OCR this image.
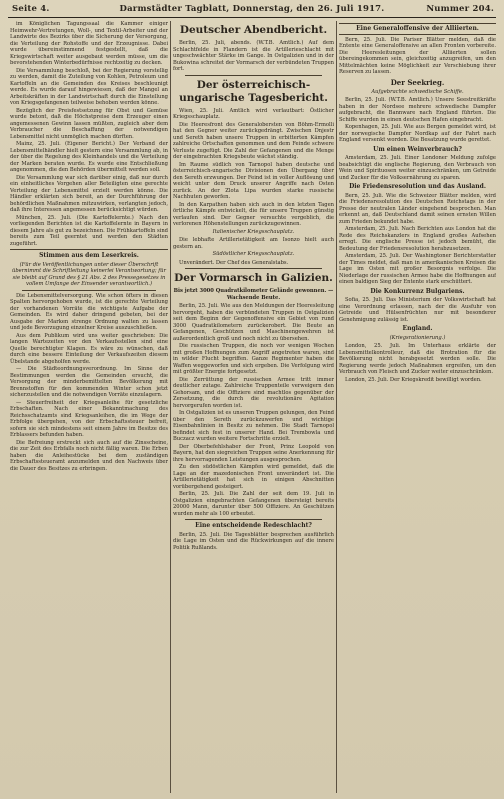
Seite 4.	Darmstädter Tagblatt, Donnerstag, den 26. Juli 1917.	Nummer 204.

im Königlichen Tagungssaal die Kammer einiger Heimwehr-Vertretungen, Woll-, und Textil-Arbeiter und der Landwirte des Bezirks über die Sicherung der Versorgung, die Verteilung der Rohstoffe und der Erzeugnisse. Dabei wurde übereinstimmend festgestellt, daß die Kriegswirtschaft weiter ausgebaut werden müsse, um die bevorstehenden Winterbedürfnisse rechtzeitig zu decken.

Die Versammlung beschloß, bei der Regierung vorstellig zu werden, damit die Zuteilung von Kohlen, Petroleum und Kartoffeln an die Gemeinden des Kreises beschleunigt werde. Es wurde darauf hingewiesen, daß der Mangel an Arbeitskräften in der Landwirtschaft durch die Einstellung von Kriegsgefangenen teilweise behoben werden könne.

Bezüglich der Preisfestsetzung für Obst und Gemüse wurde betont, daß die Höchstpreise dem Erzeuger einen angemessenen Gewinn lassen müßten, zugleich aber dem Verbraucher die Beschaffung der notwendigen Lebensmittel nicht unmöglich machen dürften.

Mainz, 25. Juli. (Eigener Bericht.) Der Verband der Lebensmittelhändler hielt gestern eine Versammlung ab, in der über die Regelung des Kleinhandels und die Verteilung der Marken beraten wurde. Es wurde eine Entschließung angenommen, die den Behörden übermittelt werden soll.

Die Versammlung war sich darüber einig, daß nur durch ein einheitliches Vorgehen aller Beteiligten eine gerechte Verteilung der Lebensmittel erzielt werden könne. Die Händler erklärten sich bereit, an der Durchführung der behördlichen Maßnahmen mitzuwirken, verlangten jedoch, daß ihre Interessen angemessen berücksichtigt würden.

München, 25. Juli. (Die Kartoffelernte.) Nach den vorliegenden Berichten ist die Kartoffelernte in Bayern in diesem Jahre als gut zu bezeichnen. Die Frühkartoffeln sind bereits zum Teil geerntet und werden den Städten zugeführt.

Stimmen aus dem Leserkreis.

(Für die Veröffentlichungen unter dieser Überschrift übernimmt die Schriftleitung keinerlei Verantwortung; für sie bleibt auf Grund des § 21 Abs. 2 des Pressegesetzes in vollem Umfange der Einsender verantwortlich.)

Die Lebensmittelversorgung. Wie schon öfters in diesen Spalten hervorgehoben wurde, ist die gerechte Verteilung der vorhandenen Vorräte die wichtigste Aufgabe der Gemeinden. Es wird daher dringend gebeten, bei der Ausgabe der Marken strenge Ordnung walten zu lassen und jede Bevorzugung einzelner Kreise auszuschließen.

Aus dem Publikum wird uns weiter geschrieben: Die langen Wartezeiten vor den Verkaufsstellen sind eine Quelle berechtigter Klagen. Es wäre zu wünschen, daß durch eine bessere Einteilung der Verkaufszeiten diesem Übelstande abgeholfen werde.

— Die Städteordnungsverordnung. Im Sinne der Bestimmungen werden die Gemeinden ersucht, die Versorgung der minderbemittelten Bevölkerung mit Brennstoffen für den kommenden Winter schon jetzt sicherzustellen und die notwendigen Vorräte einzulagern.

— Steuerfreiheit der Kriegsanleihe für gesetzliche Erbschaften. Nach einer Bekanntmachung des Reichsschatzamts sind Kriegsanleihen, die im Wege der Erbfolge übergehen, von der Erbschaftssteuer befreit, sofern sie sich mindestens seit einem Jahre im Besitze des Erblassers befunden haben.

Die Befreiung erstreckt sich auch auf die Zinsscheine, die zur Zeit des Erbfalls noch nicht fällig waren. Die Erben haben die Anleihestücke bei dem zuständigen Erbschaftssteueramt anzumelden und den Nachweis über die Dauer des Besitzes zu erbringen.

Deutscher Abendbericht.

Berlin, 25. Juli, abends. (W.T.B. Amtlich.) Auf dem Schlachtfelde in Flandern ist die Artillerieschlacht mit ungeschwächter Stärke im Gange. In Ostgalizien und in der Bukowina schreitet der Vormarsch der verbündeten Truppen fort.

Der österreichisch-ungarische Tagesbericht.

Wien, 25. Juli. Amtlich wird verlautbart: Östlicher Kriegsschauplatz.

Die Heeresfront des Generalobersten von Böhm-Ermolli hat den Gegner weiter zurückgedrängt. Zwischen Dnjestr und Sereth haben unsere Truppen in erbitterten Kämpfen zahlreiche Ortschaften genommen und dem Feinde schwere Verluste zugefügt. Die Zahl der Gefangenen und die Menge der eingebrachten Kriegsbeute wächst ständig.

Im Raume südlich von Tarnopol haben deutsche und österreichisch-ungarische Divisionen den Übergang über den Sereth erzwungen. Der Feind ist in voller Auflösung und weicht unter dem Druck unserer Angriffe nach Osten zurück. An der Zlota Lipa wurden starke russische Nachhuten geworfen.

In den Karpathen haben sich auch in den letzten Tagen örtliche Kämpfe entwickelt, die für unsere Truppen günstig verlaufen sind. Der Gegner versuchte vergeblich, die verlorenen Höhenstellungen zurückzugewinnen.

Italienischer Kriegsschauplatz.

Die lebhafte Artillerietätigkeit am Isonzo hielt auch gestern an.

Südöstlicher Kriegsschauplatz.

Unverändert. Der Chef des Generalstabs.

Der Vormarsch in Galizien.

Bis jetzt 3000 Quadratkilometer Gelände gewonnen. — Wachsende Beute.

Berlin, 25. Juli. Wie aus den Meldungen der Heeresleitung hervorgeht, haben die verbündeten Truppen in Ostgalizien seit dem Beginn der Gegenoffensive ein Gebiet von rund 3000 Quadratkilometern zurückerobert. Die Beute an Gefangenen, Geschützen und Maschinengewehren ist außerordentlich groß und noch nicht zu übersehen.

Die russischen Truppen, die noch vor wenigen Wochen mit großen Hoffnungen zum Angriff angetreten waren, sind in wilder Flucht begriffen. Ganze Regimenter haben die Waffen weggeworfen und sich ergeben. Die Verfolgung wird mit größter Energie fortgesetzt.

Die Zerrüttung der russischen Armee tritt immer deutlicher zutage. Zahlreiche Truppenteile verweigern den Gehorsam, und die Offiziere sind machtlos gegenüber der Zersetzung, die durch die revolutionäre Agitation hervorgerufen worden ist.

In Ostgalizien ist es unseren Truppen gelungen, den Feind über den Sereth zurückzuwerfen und wichtige Eisenbahnlinien in Besitz zu nehmen. Die Stadt Tarnopol befindet sich fest in unserer Hand. Bei Trembowla und Buczacz wurden weitere Fortschritte erzielt.

Der Oberbefehlshaber der Front, Prinz Leopold von Bayern, hat den siegreichen Truppen seine Anerkennung für ihre hervorragenden Leistungen ausgesprochen.

Zu den südöstlichen Kämpfen wird gemeldet, daß die Lage an der mazedonischen Front unverändert ist. Die Artillerietätigkeit hat sich in einigen Abschnitten vorübergehend gesteigert.

Berlin, 25. Juli. Die Zahl der seit dem 19. Juli in Ostgalizien eingebrachten Gefangenen übersteigt bereits 20000 Mann, darunter über 500 Offiziere. An Geschützen wurden mehr als 100 erbeutet.

Eine entscheidende Redeschlacht?

Berlin, 25. Juli. Die Tagesblätter besprechen ausführlich die Lage im Osten und die Rückwirkungen auf die innere Politik Rußlands.

Eine Generaloffensive der Alliierten.

Bern, 25. Juli. Die Pariser Blätter melden, daß die Entente eine Generaloffensive an allen Fronten vorbereite. Die Heeresleitungen der Alliierten sollen übereingekommen sein, gleichzeitig anzugreifen, um den Mittelmächten keine Möglichkeit zur Verschiebung ihrer Reserven zu lassen.

Der Seekrieg.

Aufgebrachte schwedische Schiffe.

Berlin, 25. Juli. (W.T.B. Amtlich.) Unsere Seestreitkräfte haben in der Nordsee mehrere schwedische Dampfer aufgebracht, die Bannware nach England führten. Die Schiffe wurden in einen deutschen Hafen eingebracht.

Kopenhagen, 25. Juli. Wie aus Bergen gemeldet wird, ist der norwegische Dampfer Nordkap auf der Fahrt nach England versenkt worden. Die Besatzung wurde gerettet.

Um einen Weinverbrauch?

Amsterdam, 25. Juli. Einer Londoner Meldung zufolge beabsichtigt die englische Regierung, den Verbrauch von Wein und Spirituosen weiter einzuschränken, um Getreide und Zucker für die Volksernährung zu sparen.

Die Friedensresolution und das Ausland.

Bern, 25. Juli. Wie die Schweizer Blätter melden, wird die Friedensresolution des Deutschen Reichstags in der Presse der neutralen Länder eingehend besprochen. Man erkennt an, daß Deutschland damit seinen ernsten Willen zum Frieden bekundet habe.

Amsterdam, 25. Juli. Nach Berichten aus London hat die Rede des Reichskanzlers in England großes Aufsehen erregt. Die englische Presse ist jedoch bemüht, die Bedeutung der Friedensresolution herabzusetzen.

Amsterdam, 25. Juli. Der Washingtoner Berichterstatter der Times meldet, daß man in amerikanischen Kreisen die Lage im Osten mit großer Besorgnis verfolge. Die Niederlage der russischen Armee habe die Hoffnungen auf einen baldigen Sieg der Entente stark erschüttert.

Die Konkurrenz Bulgariens.

Sofia, 25. Juli. Das Ministerium der Volkswirtschaft hat eine Verordnung erlassen, nach der die Ausfuhr von Getreide und Hülsenfrüchten nur mit besonderer Genehmigung zulässig ist.

England.

(Kriegsrationierung.)

London, 25. Juli. Im Unterhaus erklärte der Lebensmittelkontrolleur, daß die Brotration für die Bevölkerung nicht herabgesetzt werden solle. Die Regierung werde jedoch Maßnahmen ergreifen, um den Verbrauch von Fleisch und Zucker weiter einzuschränken.

London, 25. Juli. Der Kriegskredit bewilligt worden.
